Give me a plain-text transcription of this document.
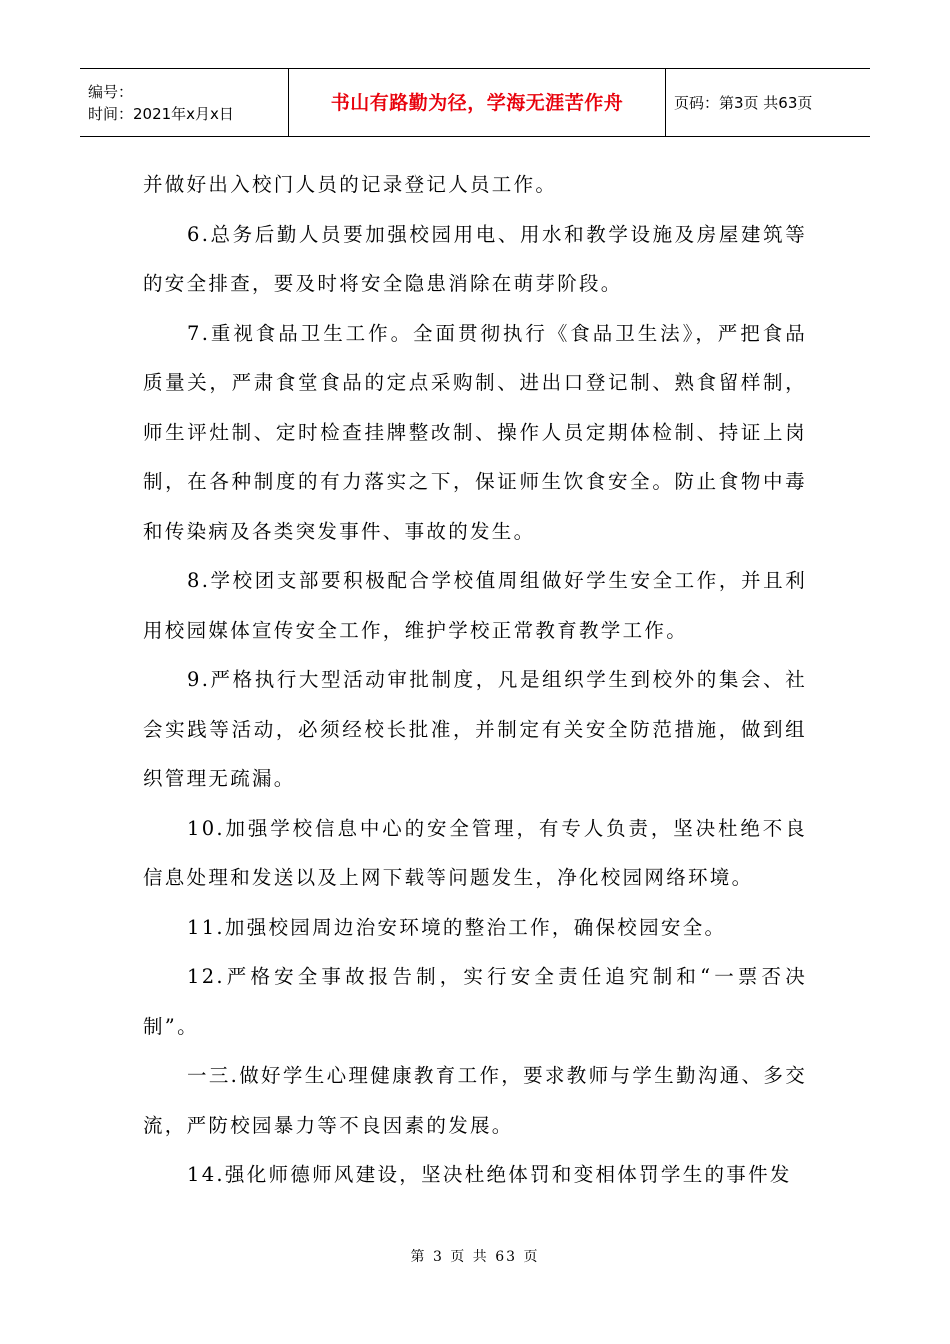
编号：
时间：2021年x月x日	书山有路勤为径，学海无涯苦作舟	页码：第3页 共63页

并做好出入校门人员的记录登记人员工作。

6.总务后勤人员要加强校园用电、用水和教学设施及房屋建筑等的安全排查，要及时将安全隐患消除在萌芽阶段。

7.重视食品卫生工作。全面贯彻执行《食品卫生法》，严把食品质量关，严肃食堂食品的定点采购制、进出口登记制、熟食留样制，师生评灶制、定时检查挂牌整改制、操作人员定期体检制、持证上岗制，在各种制度的有力落实之下，保证师生饮食安全。防止食物中毒和传染病及各类突发事件、事故的发生。

8.学校团支部要积极配合学校值周组做好学生安全工作，并且利用校园媒体宣传安全工作，维护学校正常教育教学工作。

9.严格执行大型活动审批制度，凡是组织学生到校外的集会、社会实践等活动，必须经校长批准，并制定有关安全防范措施，做到组织管理无疏漏。

10.加强学校信息中心的安全管理，有专人负责，坚决杜绝不良信息处理和发送以及上网下载等问题发生，净化校园网络环境。

11.加强校园周边治安环境的整治工作，确保校园安全。

12.严格安全事故报告制，实行安全责任追究制和“一票否决制”。

一三.做好学生心理健康教育工作，要求教师与学生勤沟通、多交流，严防校园暴力等不良因素的发展。

14.强化师德师风建设，坚决杜绝体罚和变相体罚学生的事件发

第 3 页 共 63 页
